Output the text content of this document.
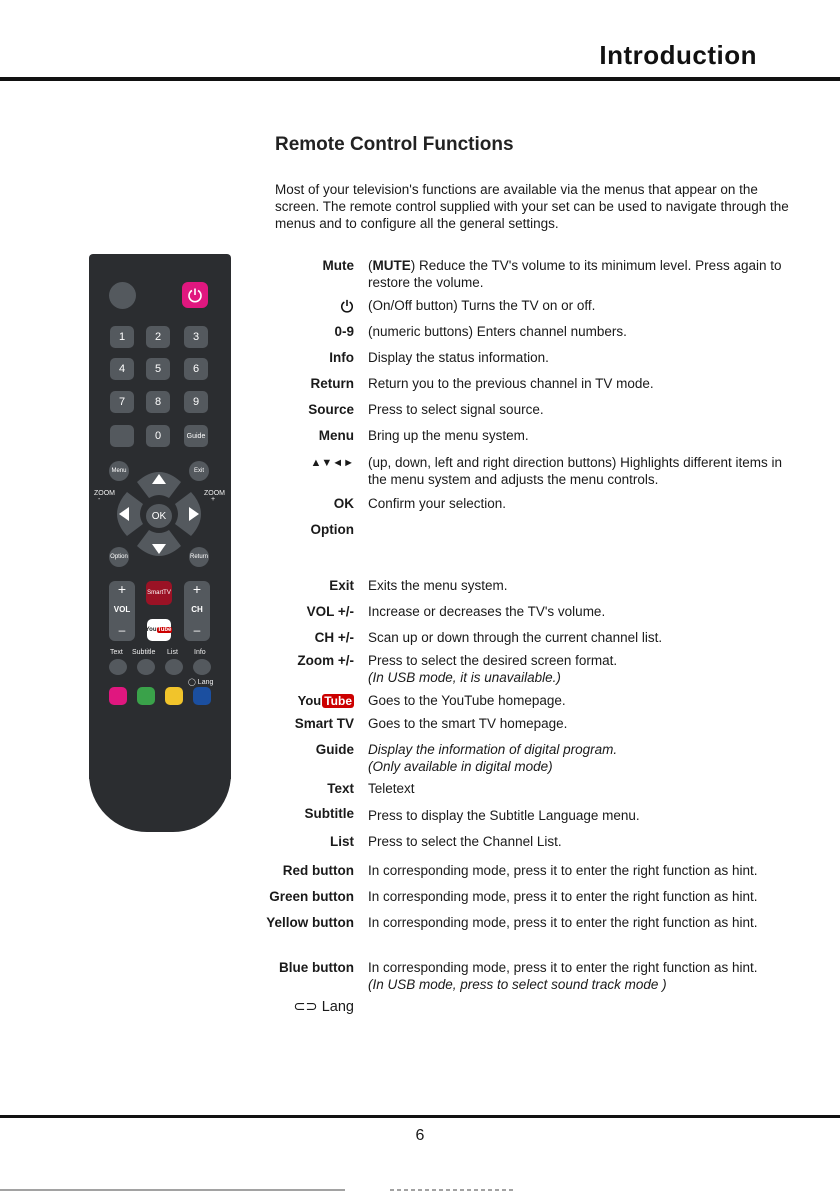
Introduction
Remote Control Functions
Most of your television's functions are available via the menus that appear on the screen. The remote control supplied with your set can be used to navigate through the menus and to configure all the general settings.
1	2	3
4	5	6
7	8	9
0	Guide
Menu	Exit
OK
ZOOM
-
ZOOM
+
Option	Return
+
VOL
–
+
CH
–
SmartTV
You Tube
Text Subtitle List Info
◯ Lang
Mute (MUTE) Reduce the TV's volume to its minimum level. Press again to restore the volume.
(On/Off button) Turns the TV on or off.
0-9 (numeric buttons) Enters channel numbers.
Info Display the status information.
Return Return you to the previous channel in TV mode.
Source Press to select signal source.
Menu Bring up the menu system.
▲▼◄► (up, down, left and right direction buttons) Highlights different items in the menu system and adjusts the menu controls.
OK Confirm your selection.
Option
Exit Exits the menu system.
VOL +/- Increase or decreases the TV's volume.
CH +/- Scan up or down through the current channel list.
Zoom +/- Press to select the desired screen format.
(In USB mode, it is unavailable.)
You Tube Goes to the YouTube homepage.
Smart TV Goes to the smart TV homepage.
Guide Display the information of digital program.
(Only available in digital mode)
Text Teletext
Subtitle Press to display the Subtitle Language menu.
List Press to select the Channel List.
Red button In corresponding mode, press it to enter the right function as hint.
Green button In corresponding mode, press it to enter the right function as hint.
Yellow button In corresponding mode, press it to enter the right function as hint.
Blue button In corresponding mode, press it to enter the right function as hint.
(In USB mode, press to select sound track mode )
⊂⊃ Lang
6
